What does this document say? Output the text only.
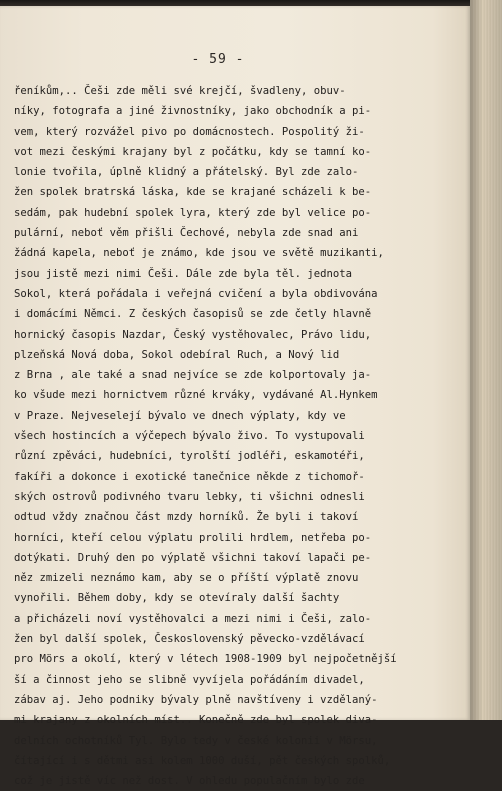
- 59 -
řeníkům,.. Češi zde měli své krejčí, švadleny, obuv-
níky, fotografa a jiné živnostníky, jako obchodník a pi-
vem, který rozvážel pivo po domácnostech. Pospolitý ži-
vot mezi českými krajany byl z počátku, kdy se tamní ko-
lonie tvořila, úplně klidný a přátelský. Byl zde zalo-
žen spolek bratrská láska, kde se krajané scházeli k be-
sedám, pak hudební spolek lyra, který zde byl velice po-
pulární, neboť věm přišli Čechové, nebyla zde snad ani
žádná kapela, neboť je známo, kde jsou ve světě muzikanti,
jsou jistě mezi nimi Češi. Dále zde byla těl. jednota
Sokol, která pořádala i veřejná cvičení a byla obdivována
i domácími Němci. Z českých časopisů se zde četly hlavně
hornický časopis Nazdar, Český vystěhovalec, Právo lidu,
plzeňská Nová doba, Sokol odebíral Ruch, a Nový lid
z Brna , ale také a snad nejvíce se zde kolportovaly ja-
ko všude mezi hornictvem různé krváky, vydávané Al.Hynkem
v Praze. Nejveselejí bývalo ve dnech výplaty, kdy ve
všech hostincích a výčepech bývalo živo. To vystupovali
různí zpěváci, hudebníci, tyrolští jodléři, eskamotéři,
fakíři a dokonce i exotické tanečnice někde z tichomoř-
ských ostrovů podivného tvaru lebky, ti všichni odnesli
odtud vždy značnou část mzdy horníků. Že byli i takoví
horníci, kteří celou výplatu prolili hrdlem, netřeba po-
dotýkati. Druhý den po výplatě všichni takoví lapači pe-
něz zmizeli neznámo kam, aby se o příští výplatě znovu
vynořili. Během doby, kdy se otevíraly další šachty
a přicházeli noví vystěhovalci a mezi nimi i Češi, zalo-
žen byl další spolek, Československý pěvecko-vzdělávací
pro Mörs a okolí, který v létech 1908-1909 byl nejpočetnější
ší a činnost jeho se slibně vyvíjela pořádáním divadel,
zábav aj. Jeho podniky bývaly plně navštíveny i vzdělaný-
mi krajany z okolních míst.. Konečně zde byl spolek diva-
delních ochotníků Tyl. Bylo tedy v české kolonii v Mörsu,
čítající i s dětmi asi kolem 1000 duší, pět českých spolků,
což je jistě víc než dost. V ohledu populačním bylo zde
